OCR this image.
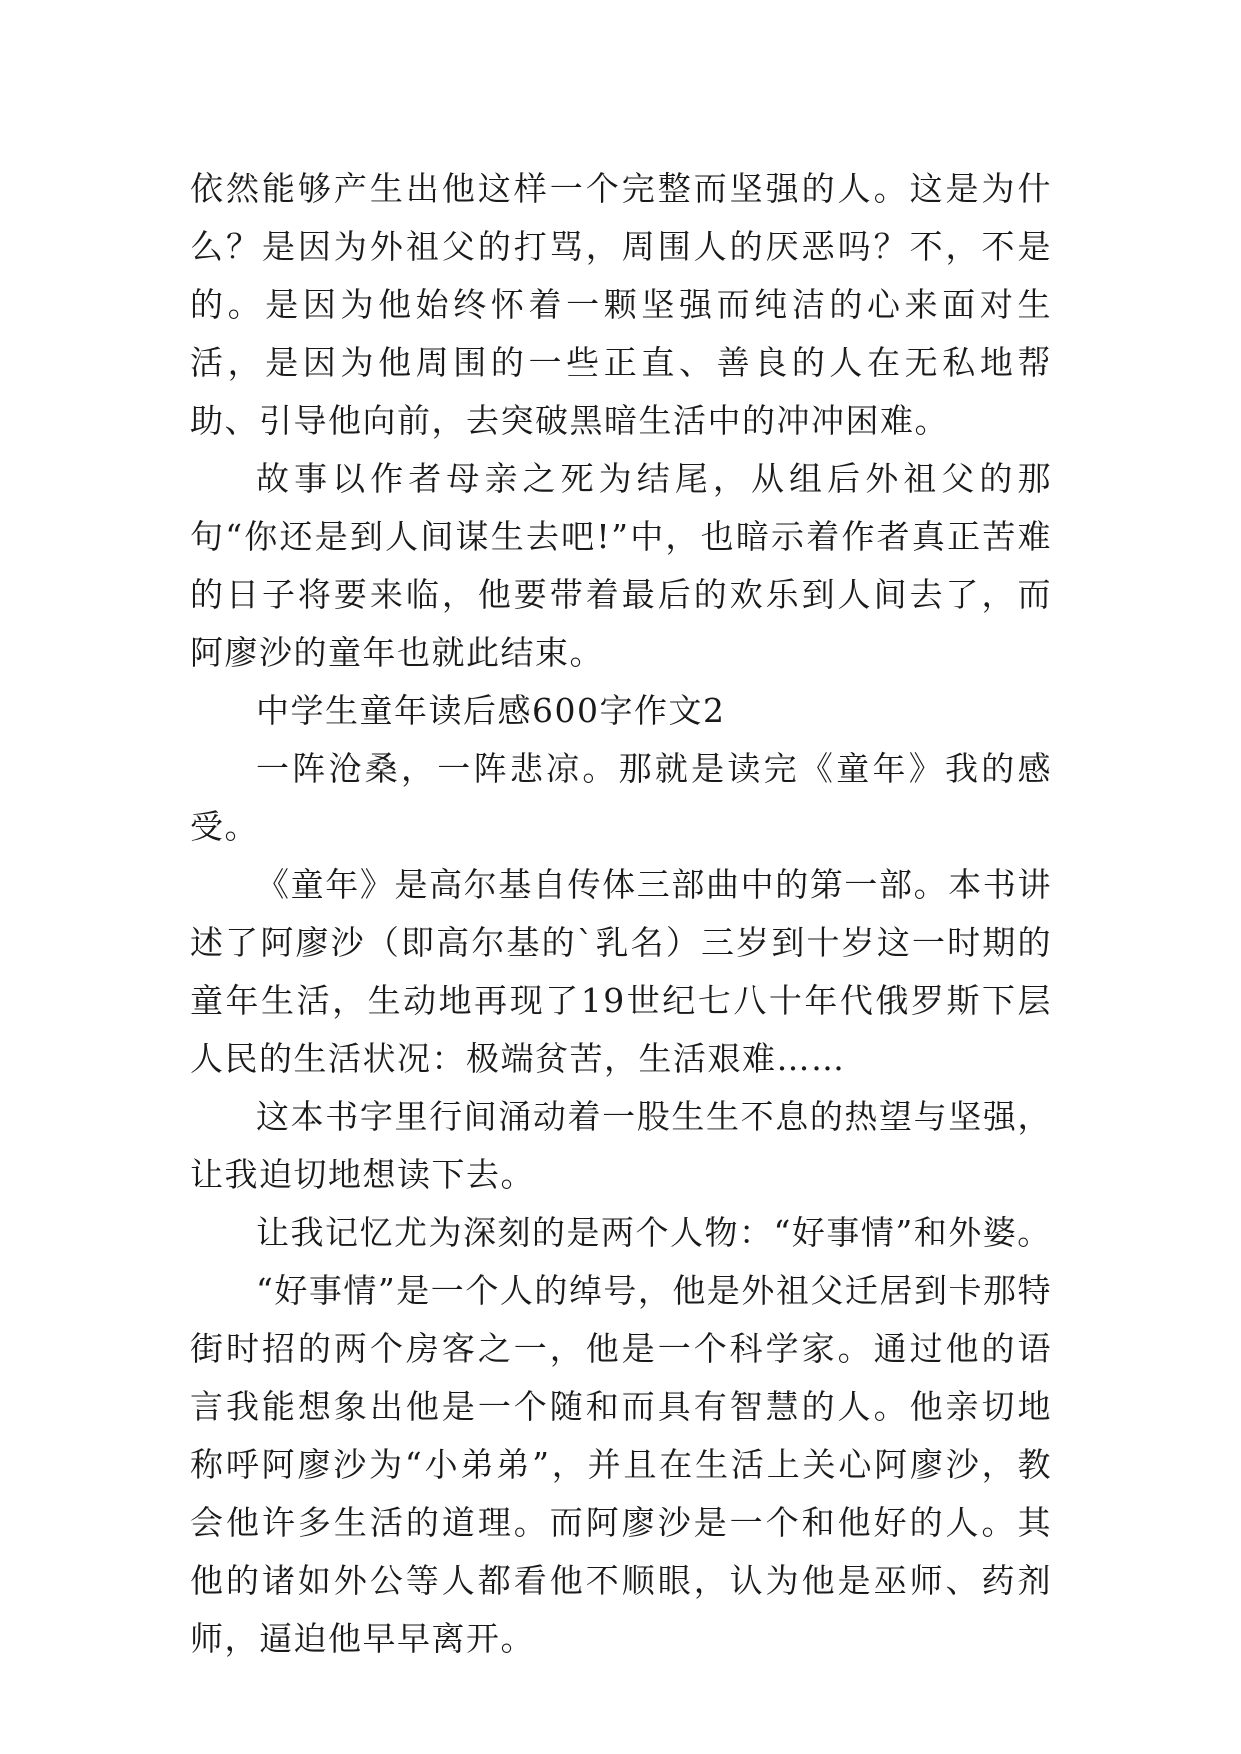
依然能够产生出他这样一个完整而坚强的人。这是为什么？是因为外祖父的打骂，周围人的厌恶吗？不，不是的。是因为他始终怀着一颗坚强而纯洁的心来面对生活，是因为他周围的一些正直、善良的人在无私地帮助、引导他向前，去突破黑暗生活中的冲冲困难。

故事以作者母亲之死为结尾，从组后外祖父的那句“你还是到人间谋生去吧!”中，也暗示着作者真正苦难的日子将要来临，他要带着最后的欢乐到人间去了，而阿廖沙的童年也就此结束。

中学生童年读后感600字作文2

一阵沧桑，一阵悲凉。那就是读完《童年》我的感受。

《童年》是高尔基自传体三部曲中的第一部。本书讲述了阿廖沙（即高尔基的`乳名）三岁到十岁这一时期的童年生活，生动地再现了19世纪七八十年代俄罗斯下层人民的生活状况：极端贫苦，生活艰难……

这本书字里行间涌动着一股生生不息的热望与坚强，让我迫切地想读下去。

让我记忆尤为深刻的是两个人物：“好事情”和外婆。

“好事情”是一个人的绰号，他是外祖父迁居到卡那特街时招的两个房客之一，他是一个科学家。通过他的语言我能想象出他是一个随和而具有智慧的人。他亲切地称呼阿廖沙为“小弟弟”，并且在生活上关心阿廖沙，教会他许多生活的道理。而阿廖沙是一个和他好的人。其他的诸如外公等人都看他不顺眼，认为他是巫师、药剂师，逼迫他早早离开。
